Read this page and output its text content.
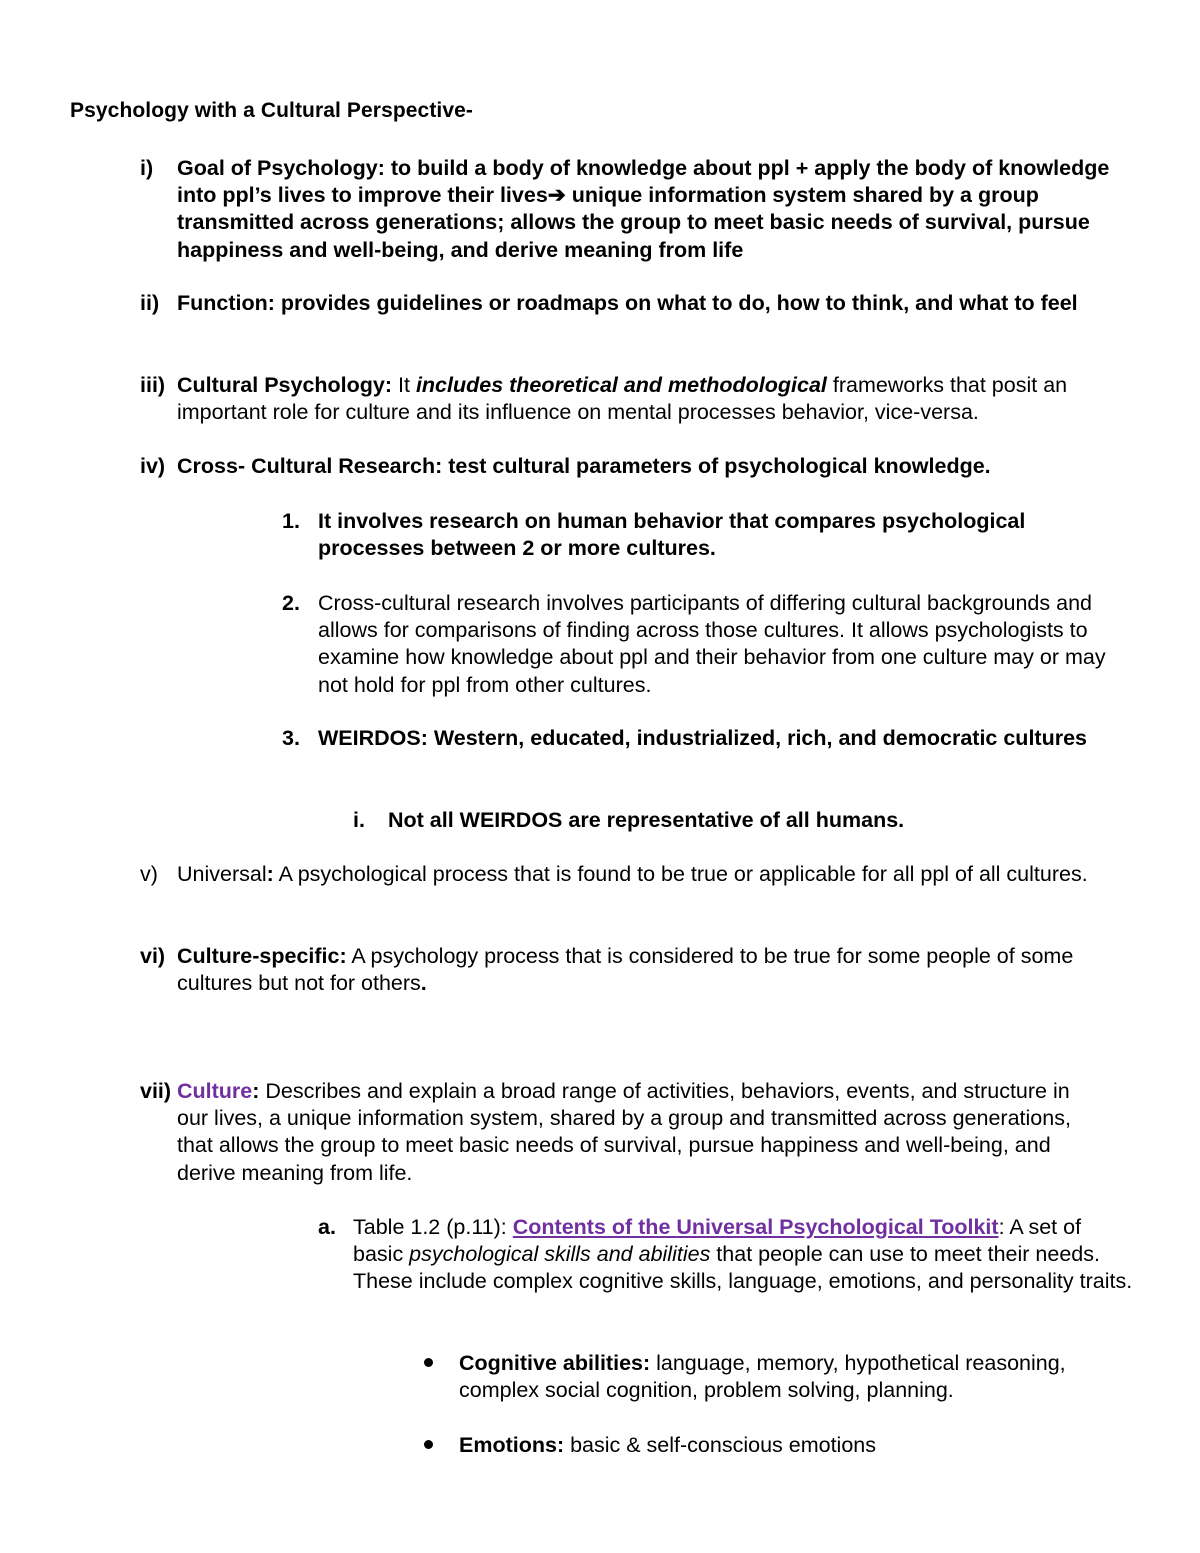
Psychology with a Cultural Perspective-
i) Goal of Psychology: to build a body of knowledge about ppl + apply the body of knowledge into ppl’s lives to improve their lives➔ unique information system shared by a group transmitted across generations; allows the group to meet basic needs of survival, pursue happiness and well-being, and derive meaning from life
ii) Function: provides guidelines or roadmaps on what to do, how to think, and what to feel
iii) Cultural Psychology: It includes theoretical and methodological frameworks that posit an important role for culture and its influence on mental processes behavior, vice-versa.
iv) Cross- Cultural Research: test cultural parameters of psychological knowledge.
1. It involves research on human behavior that compares psychological processes between 2 or more cultures.
2. Cross-cultural research involves participants of differing cultural backgrounds and allows for comparisons of finding across those cultures. It allows psychologists to examine how knowledge about ppl and their behavior from one culture may or may not hold for ppl from other cultures.
3. WEIRDOS: Western, educated, industrialized, rich, and democratic cultures
i. Not all WEIRDOS are representative of all humans.
v) Universal: A psychological process that is found to be true or applicable for all ppl of all cultures.
vi) Culture-specific: A psychology process that is considered to be true for some people of some cultures but not for others.
vii) Culture: Describes and explain a broad range of activities, behaviors, events, and structure in our lives, a unique information system, shared by a group and transmitted across generations, that allows the group to meet basic needs of survival, pursue happiness and well-being, and derive meaning from life.
a. Table 1.2 (p.11): Contents of the Universal Psychological Toolkit: A set of basic psychological skills and abilities that people can use to meet their needs. These include complex cognitive skills, language, emotions, and personality traits.
Cognitive abilities: language, memory, hypothetical reasoning, complex social cognition, problem solving, planning.
Emotions: basic & self-conscious emotions
